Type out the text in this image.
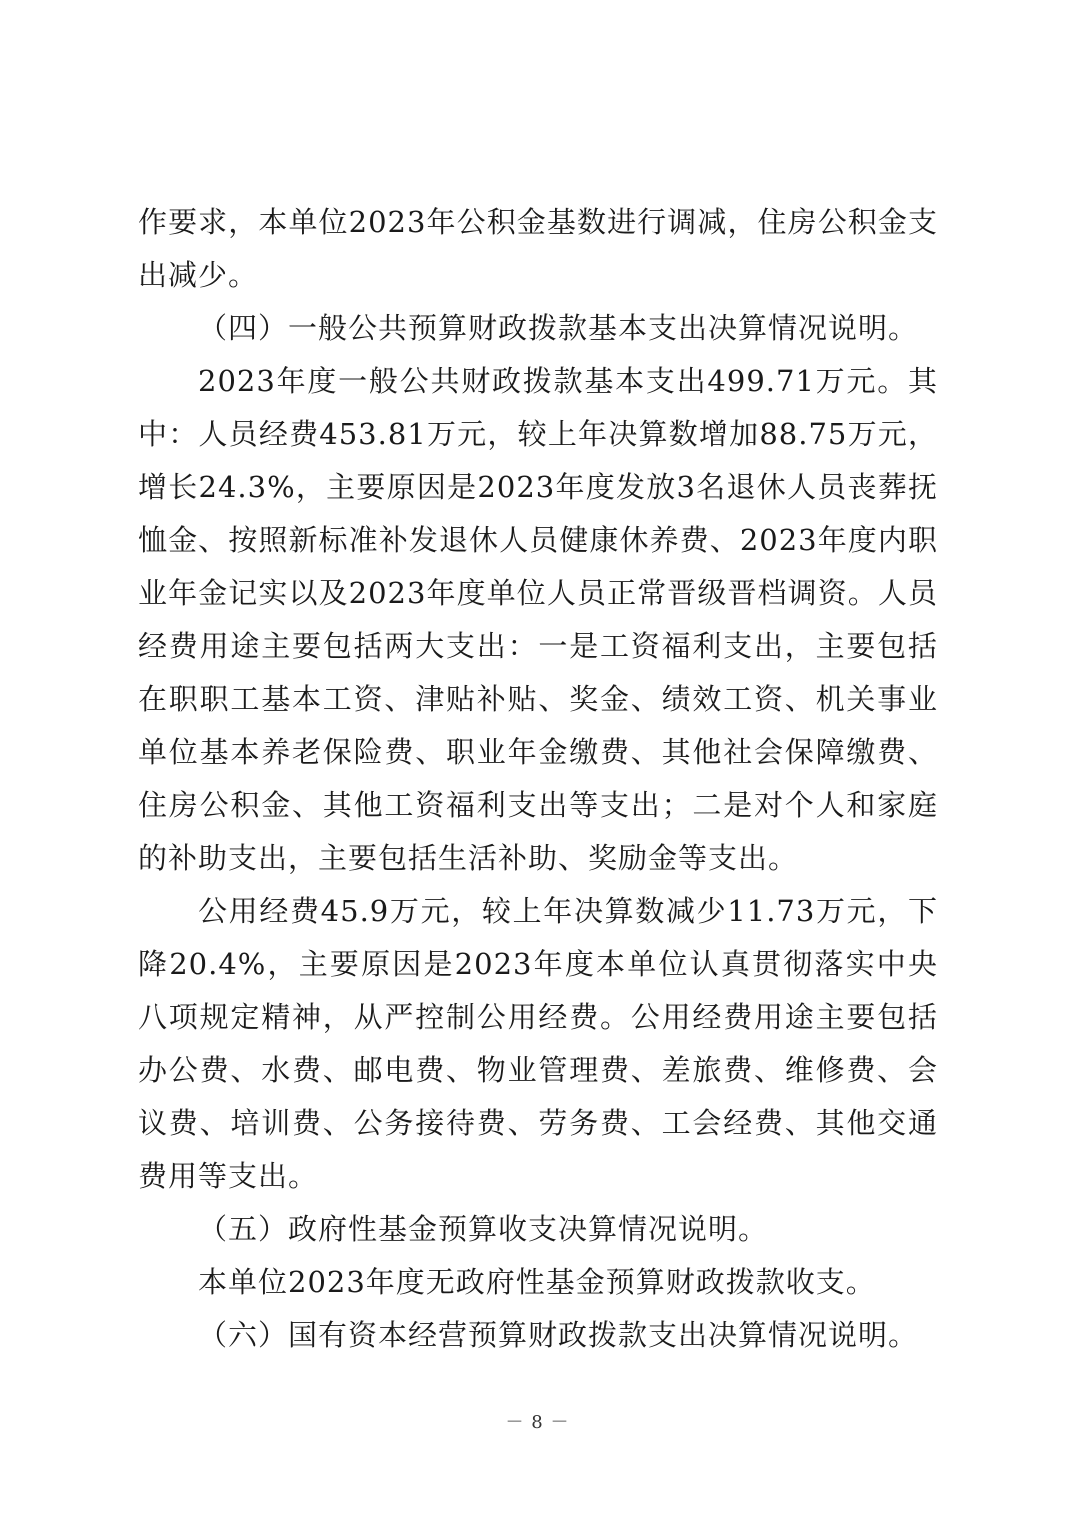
作要求，本单位2023年公积金基数进行调减，住房公积金支出减少。

（四）一般公共预算财政拨款基本支出决算情况说明。

2023年度一般公共财政拨款基本支出499.71万元。其中：人员经费453.81万元，较上年决算数增加88.75万元，增长24.3%，主要原因是2023年度发放3名退休人员丧葬抚恤金、按照新标准补发退休人员健康休养费、2023年度内职业年金记实以及2023年度单位人员正常晋级晋档调资。人员经费用途主要包括两大支出：一是工资福利支出，主要包括在职职工基本工资、津贴补贴、奖金、绩效工资、机关事业单位基本养老保险费、职业年金缴费、其他社会保障缴费、住房公积金、其他工资福利支出等支出；二是对个人和家庭的补助支出，主要包括生活补助、奖励金等支出。

公用经费45.9万元，较上年决算数减少11.73万元，下降20.4%，主要原因是2023年度本单位认真贯彻落实中央八项规定精神，从严控制公用经费。公用经费用途主要包括办公费、水费、邮电费、物业管理费、差旅费、维修费、会议费、培训费、公务接待费、劳务费、工会经费、其他交通费用等支出。

（五）政府性基金预算收支决算情况说明。

本单位2023年度无政府性基金预算财政拨款收支。

（六）国有资本经营预算财政拨款支出决算情况说明。

－ 8 －
